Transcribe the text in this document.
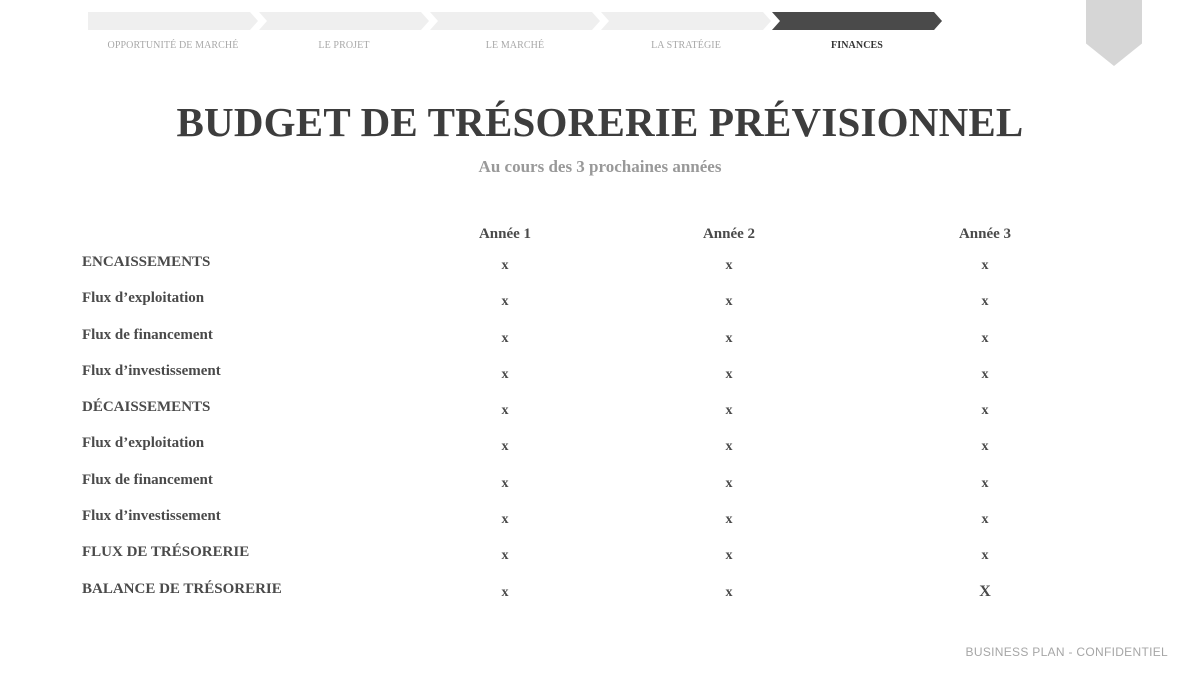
OPPORTUNITÉ DE MARCHÉ	LE PROJET	LE MARCHÉ	LA STRATÉGIE	FINANCES
BUDGET DE TRÉSORERIE PRÉVISIONNEL

Au cours des 3 prochaines années

Année 1	Année 2	Année 3
ENCAISSEMENTS	x	x	x
Flux d’exploitation	x	x	x
Flux de financement	x	x	x
Flux d’investissement	x	x	x
DÉCAISSEMENTS	x	x	x
Flux d’exploitation	x	x	x
Flux de financement	x	x	x
Flux d’investissement	x	x	x
FLUX DE TRÉSORERIE	x	x	x
BALANCE DE TRÉSORERIE	x	x	X
BUSINESS PLAN - CONFIDENTIEL
